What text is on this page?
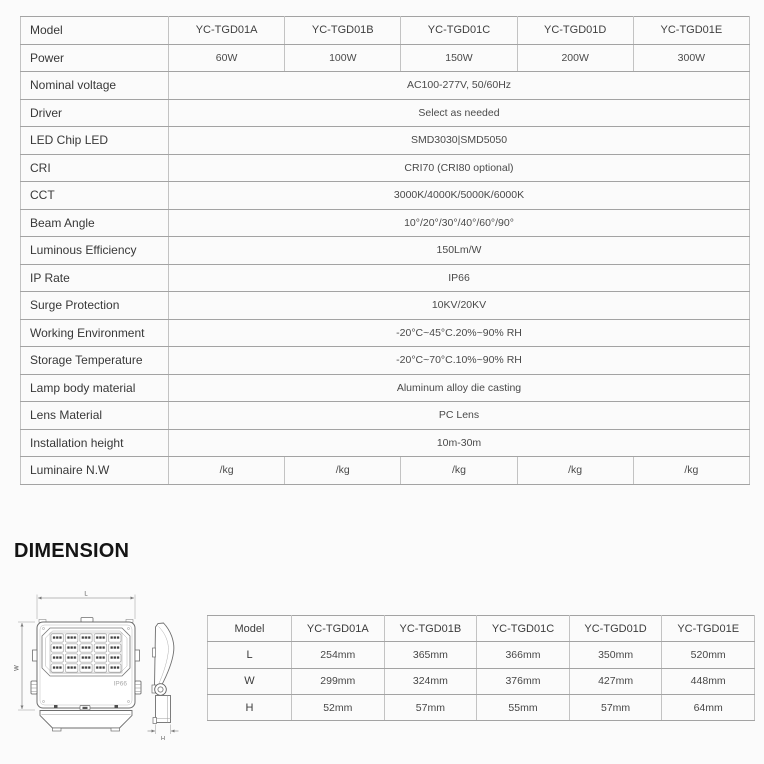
Model	YC-TGD01A	YC-TGD01B	YC-TGD01C	YC-TGD01D	YC-TGD01E
Power	60W	100W	150W	200W	300W
Nominal voltage	AC100-277V, 50/60Hz				
Driver	Select as needed				
LED Chip LED	SMD3030|SMD5050				
CRI	CRI70 (CRI80 optional)				
CCT	3000K/4000K/5000K/6000K				
Beam Angle	10°/20°/30°/40°/60°/90°				
Luminous Efficiency	150Lm/W				
IP Rate	IP66				
Surge Protection	10KV/20KV				
Working Environment	-20°C~45°C.20%~90% RH				
Storage Temperature	-20°C~70°C.10%~90% RH				
Lamp body material	Aluminum alloy die casting				
Lens Material	PC Lens				
Installation height	10m-30m				
Luminaire N.W	/kg	/kg	/kg	/kg	/kg
DIMENSION
L
W
IP66
H
Model	YC-TGD01A	YC-TGD01B	YC-TGD01C	YC-TGD01D	YC-TGD01E
L	254mm	365mm	366mm	350mm	520mm
W	299mm	324mm	376mm	427mm	448mm
H	52mm	57mm	55mm	57mm	64mm
